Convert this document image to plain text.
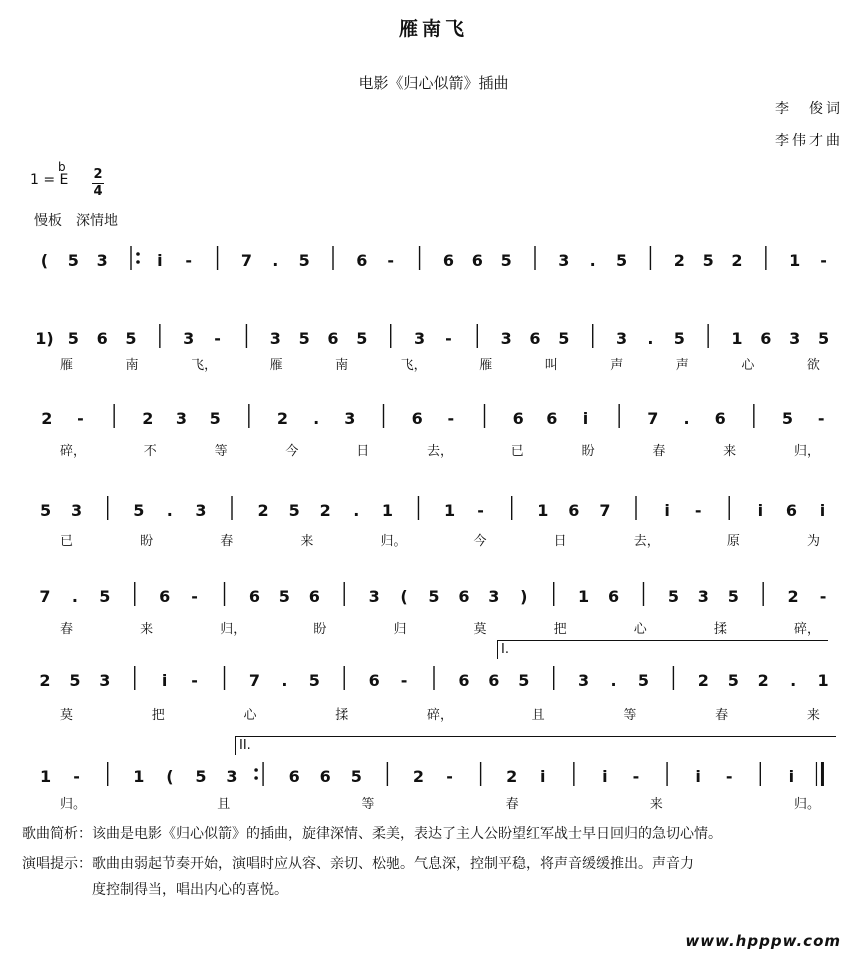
雁南飞
电影《归心似箭》插曲
李　俊词
李伟才曲
b
1 = E 2
4
慢板　深情地
( 5 3	i -	7 . 5	6 -	6 6 5	3 . 5	2 5 2	1 -
1) 5 6 5	3 -	3 5 6 5	3 -	3 6 5	3 . 5	1 6 3 5
雁	南	飞，	雁	南	飞，	雁	叫	声	声	心	欲
2 -	2 3 5	2 . 3	6 -	6 6 i	7 . 6	5 -
碎，	不	等	今	日	去，	已	盼	春	来	归，
5 3	5 . 3	2 5 2 . 1	1 -	1 6 7	i -	i 6 i
已	盼	春	来	归。	今	日	去，	原	为
7 . 5	6 -	6 5 6	3 ( 5 6 3 )	1 6	5 3 5	2 -
春	来	归，	盼	归	莫	把	心	揉	碎，
2 5 3	i -	7 . 5	6 -	6 6 5	3 . 5	2 5 2 . 1
I.
莫	把	心	揉	碎，	且	等	春	来
1 -	1 ( 5 3	6 6 5	2 -	2 i	i -	i -	i
II.
归。	且	等	春	来	归。
歌曲简析：该曲是电影《归心似箭》的插曲，旋律深情、柔美，表达了主人公盼望红军战士早日回归的急切心情。
演唱提示：歌曲由弱起节奏开始，演唱时应从容、亲切、松驰。气息深，控制平稳，将声音缓缓推出。声音力
度控制得当，唱出内心的喜悦。
www.hpppw.com
